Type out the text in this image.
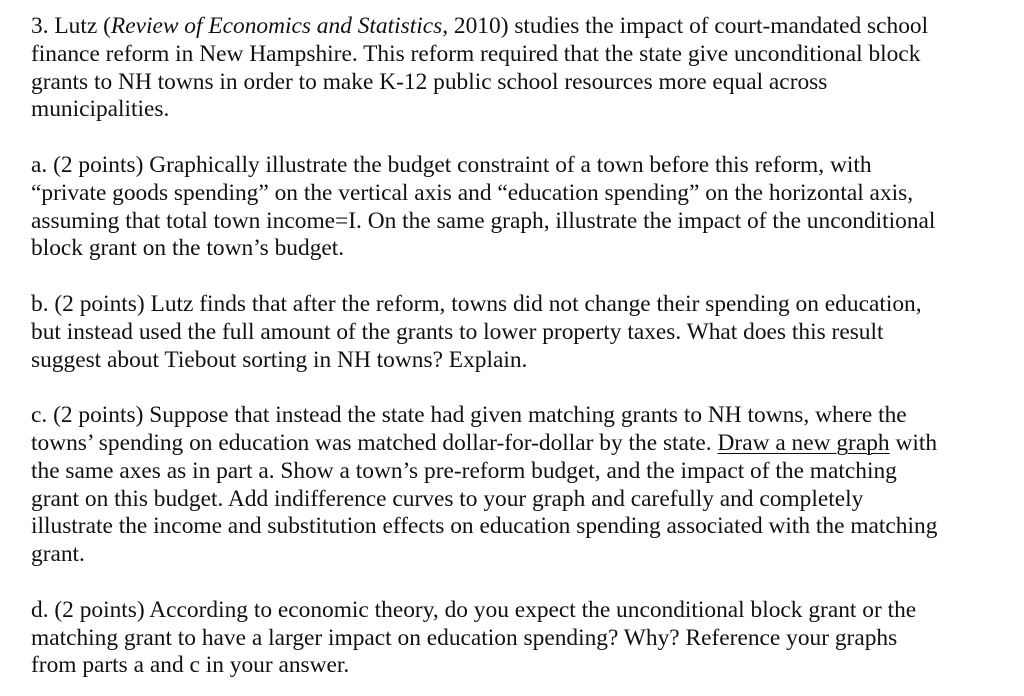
3. Lutz (Review of Economics and Statistics, 2010) studies the impact of court-mandated school
finance reform in New Hampshire. This reform required that the state give unconditional block
grants to NH towns in order to make K-12 public school resources more equal across
municipalities.

a. (2 points) Graphically illustrate the budget constraint of a town before this reform, with
“private goods spending” on the vertical axis and “education spending” on the horizontal axis,
assuming that total town income=I. On the same graph, illustrate the impact of the unconditional
block grant on the town’s budget.

b. (2 points) Lutz finds that after the reform, towns did not change their spending on education,
but instead used the full amount of the grants to lower property taxes. What does this result
suggest about Tiebout sorting in NH towns? Explain.

c. (2 points) Suppose that instead the state had given matching grants to NH towns, where the
towns’ spending on education was matched dollar-for-dollar by the state. Draw a new graph with
the same axes as in part a. Show a town’s pre-reform budget, and the impact of the matching
grant on this budget. Add indifference curves to your graph and carefully and completely
illustrate the income and substitution effects on education spending associated with the matching
grant.

d. (2 points) According to economic theory, do you expect the unconditional block grant or the
matching grant to have a larger impact on education spending? Why? Reference your graphs
from parts a and c in your answer.
